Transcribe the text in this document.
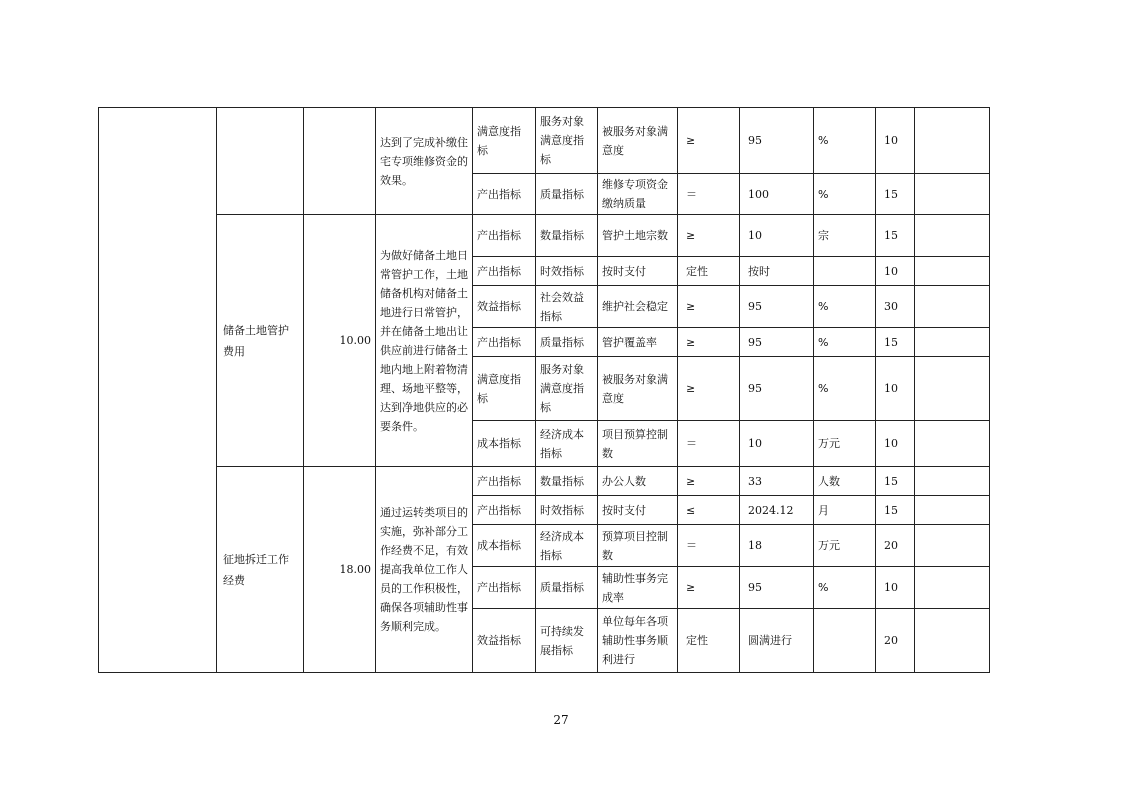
			达到了完成补缴住宅专项维修资金的效果。	满意度指标	服务对象满意度指标	被服务对象满意度	≥	95	%	10	
				产出指标	质量指标	维修专项资金缴纳质量	＝	100	%	15	
	储备土地管护费用	10.00	为做好储备土地日常管护工作，土地储备机构对储备土地进行日常管护，并在储备土地出让供应前进行储备土地内地上附着物清理、场地平整等，达到净地供应的必要条件。	产出指标	数量指标	管护土地宗数	≥	10	宗	15	
				产出指标	时效指标	按时支付	定性	按时		10	
				效益指标	社会效益指标	维护社会稳定	≥	95	%	30	
				产出指标	质量指标	管护覆盖率	≥	95	%	15	
				满意度指标	服务对象满意度指标	被服务对象满意度	≥	95	%	10	
				成本指标	经济成本指标	项目预算控制数	＝	10	万元	10	
	征地拆迁工作经费	18.00	通过运转类项目的实施，弥补部分工作经费不足，有效提高我单位工作人员的工作积极性，确保各项辅助性事务顺利完成。	产出指标	数量指标	办公人数	≥	33	人数	15	
				产出指标	时效指标	按时支付	≤	2024.12	月	15	
				成本指标	经济成本指标	预算项目控制数	＝	18	万元	20	
				产出指标	质量指标	辅助性事务完成率	≥	95	%	10	
				效益指标	可持续发展指标	单位每年各项辅助性事务顺利进行	定性	圆满进行		20	
27
